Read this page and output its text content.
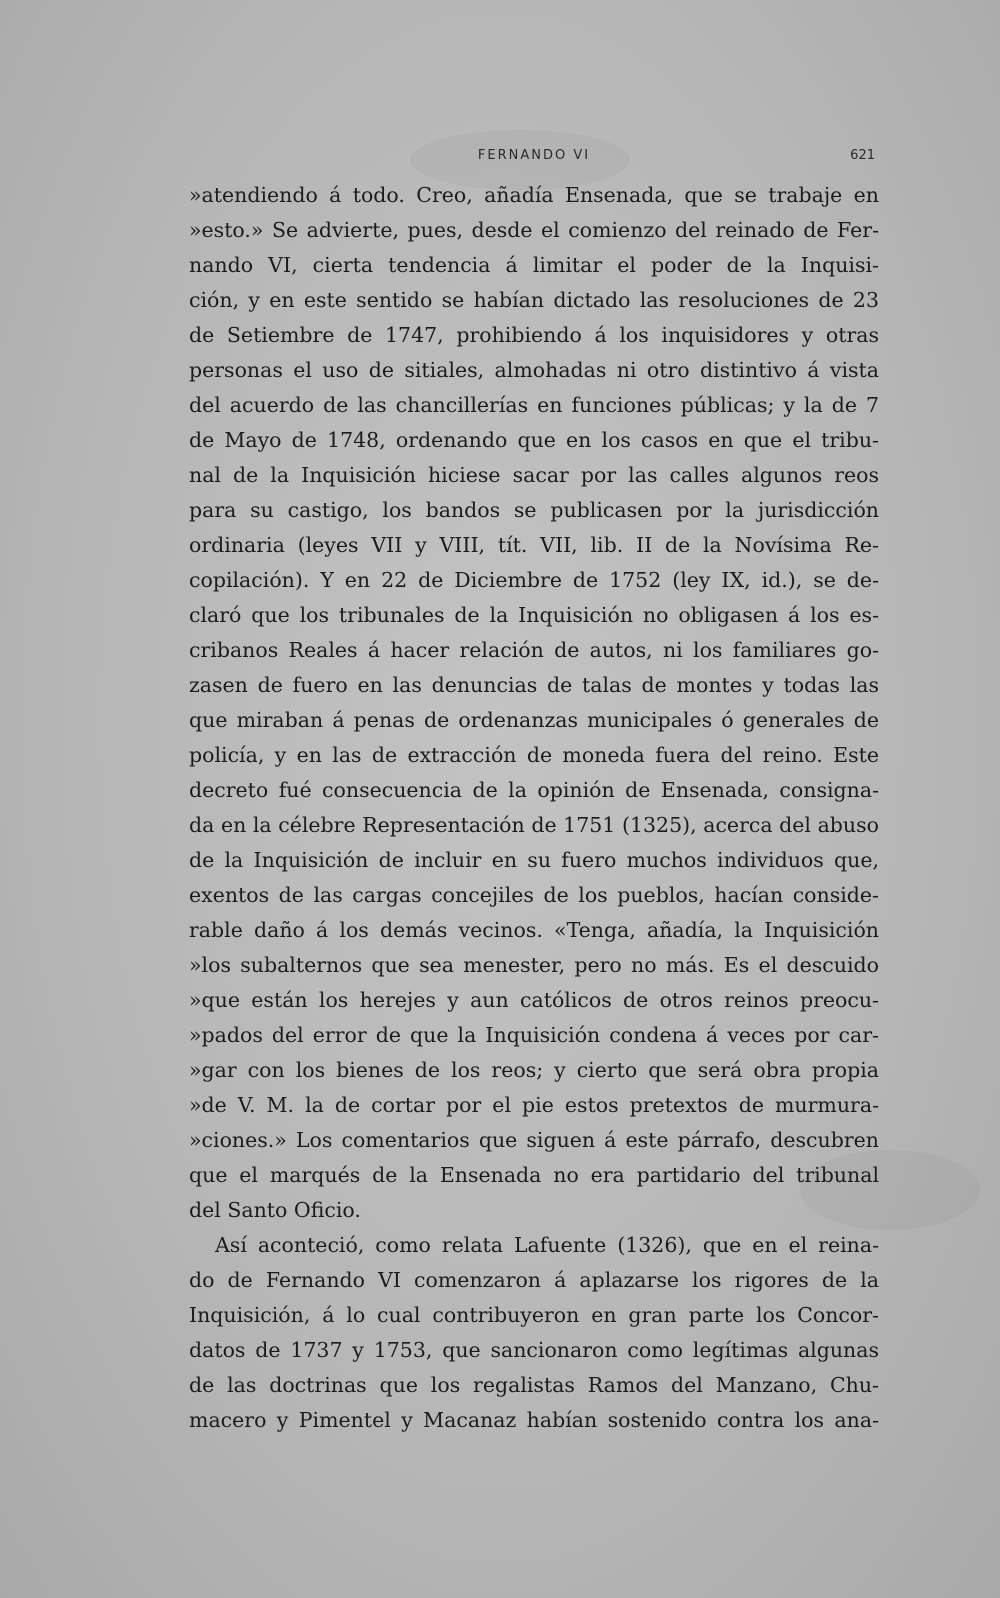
FERNANDO VI	621
»atendiendo á todo. Creo, añadía Ensenada, que se trabaje en
»esto.» Se advierte, pues, desde el comienzo del reinado de Fer-
nando VI, cierta tendencia á limitar el poder de la Inquisi-
ción, y en este sentido se habían dictado las resoluciones de 23
de Setiembre de 1747, prohibiendo á los inquisidores y otras
personas el uso de sitiales, almohadas ni otro distintivo á vista
del acuerdo de las chancillerías en funciones públicas; y la de 7
de Mayo de 1748, ordenando que en los casos en que el tribu-
nal de la Inquisición hiciese sacar por las calles algunos reos
para su castigo, los bandos se publicasen por la jurisdicción
ordinaria (leyes VII y VIII, tít. VII, lib. II de la Novísima Re-
copilación). Y en 22 de Diciembre de 1752 (ley IX, id.), se de-
claró que los tribunales de la Inquisición no obligasen á los es-
cribanos Reales á hacer relación de autos, ni los familiares go-
zasen de fuero en las denuncias de talas de montes y todas las
que miraban á penas de ordenanzas municipales ó generales de
policía, y en las de extracción de moneda fuera del reino. Este
decreto fué consecuencia de la opinión de Ensenada, consigna-
da en la célebre Representación de 1751 (1325), acerca del abuso
de la Inquisición de incluir en su fuero muchos individuos que,
exentos de las cargas concejiles de los pueblos, hacían conside-
rable daño á los demás vecinos. «Tenga, añadía, la Inquisición
»los subalternos que sea menester, pero no más. Es el descuido
»que están los herejes y aun católicos de otros reinos preocu-
»pados del error de que la Inquisición condena á veces por car-
»gar con los bienes de los reos; y cierto que será obra propia
»de V. M. la de cortar por el pie estos pretextos de murmura-
»ciones.» Los comentarios que siguen á este párrafo, descubren
que el marqués de la Ensenada no era partidario del tribunal
del Santo Oficio.
Así aconteció, como relata Lafuente (1326), que en el reina-
do de Fernando VI comenzaron á aplazarse los rigores de la
Inquisición, á lo cual contribuyeron en gran parte los Concor-
datos de 1737 y 1753, que sancionaron como legítimas algunas
de las doctrinas que los regalistas Ramos del Manzano, Chu-
macero y Pimentel y Macanaz habían sostenido contra los ana-
